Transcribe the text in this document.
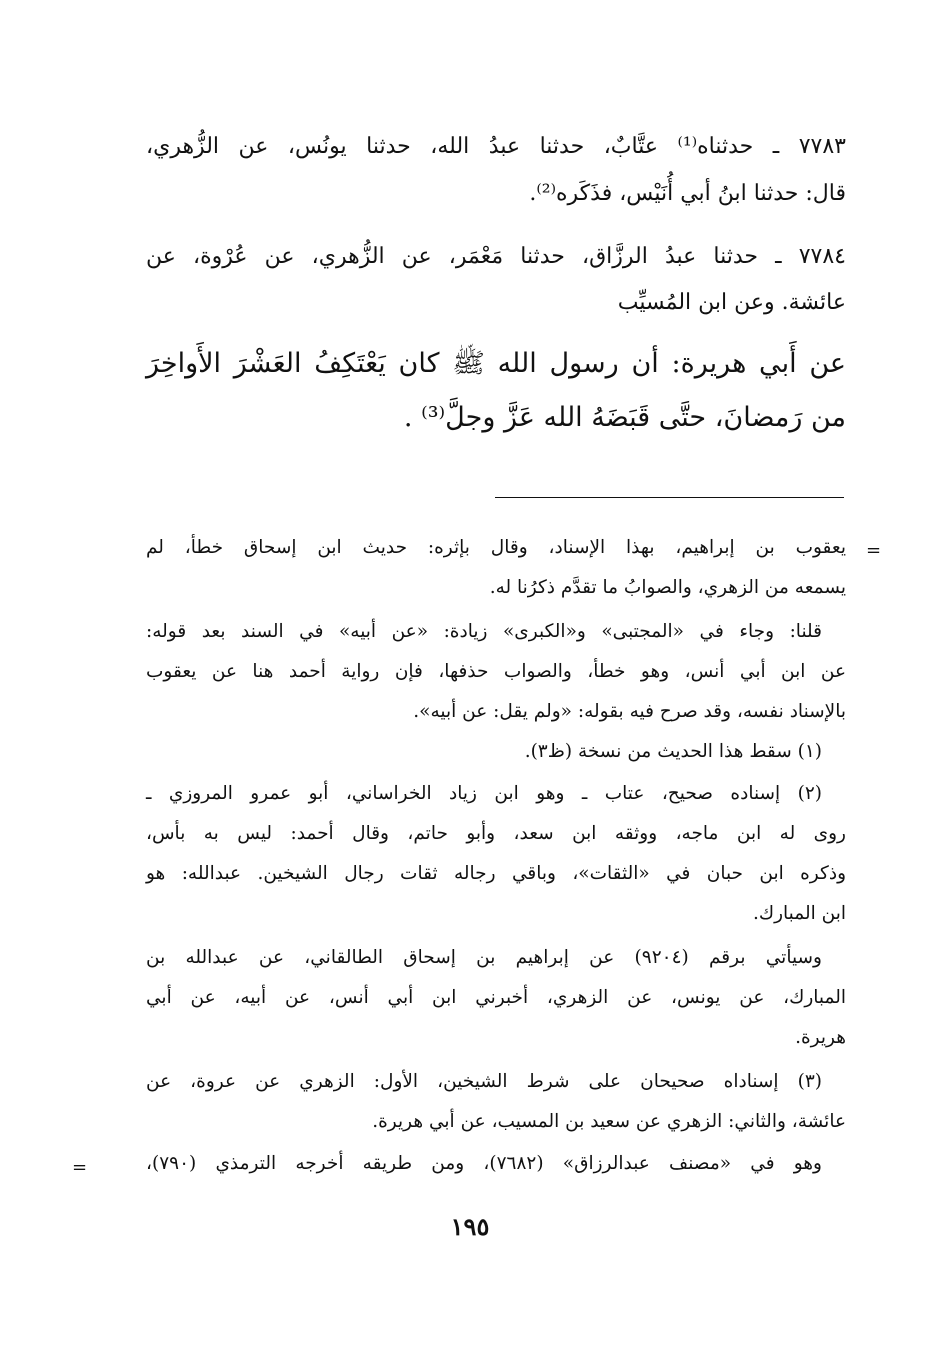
٧٧٨٣ ـ حدثناه⁽¹⁾ عتَّابٌ، حدثنا عبدُ الله، حدثنا يونُس، عن الزُّهري،
قال: حدثنا ابنُ أبي أُنَيْس، فذَكَره⁽²⁾.
٧٧٨٤ ـ حدثنا عبدُ الرزَّاق، حدثنا مَعْمَر، عن الزُّهري، عن عُرْوة، عن
عائشة. وعن ابن المُسيِّب
عن أَبي هريرة: أن رسول الله ﷺ كان يَعْتَكِفُ العَشْرَ الأَواخِرَ
من رَمضانَ، حتَّى قَبَضَهُ الله عَزَّ وجلَّ⁽³⁾ .
=
يعقوب بن إبراهيم، بهذا الإسناد، وقال بإثره: حديث ابن إسحاق خطأ، لم
يسمعه من الزهري، والصوابُ ما تقدَّم ذكرُنا له.
قلنا: وجاء في «المجتبى» و«الكبرى» زيادة: «عن أبيه» في السند بعد قوله:
عن ابن أبي أنس، وهو خطأ، والصواب حذفها، فإن رواية أحمد هنا عن يعقوب
بالإسناد نفسه، وقد صرح فيه بقوله: «ولم يقل: عن أبيه».
(١) سقط هذا الحديث من نسخة (ظ٣).
(٢) إسناده صحيح، عتاب ـ وهو ابن زياد الخراساني، أبو عمرو المروزي ـ
روى له ابن ماجه، ووثقه ابن سعد، وأبو حاتم، وقال أحمد: ليس به بأس،
وذكره ابن حبان في «الثقات»، وباقي رجاله ثقات رجال الشيخين. عبدالله: هو
ابن المبارك.
وسيأتي برقم (٩٢٠٤) عن إبراهيم بن إسحاق الطالقاني، عن عبدالله بن
المبارك، عن يونس، عن الزهري، أخبرني ابن أبي أنس، عن أبيه، عن أبي
هريرة.
(٣) إسناداه صحيحان على شرط الشيخين، الأول: الزهري عن عروة، عن
عائشة، والثاني: الزهري عن سعيد بن المسيب، عن أبي هريرة.
وهو في «مصنف عبدالرزاق» (٧٦٨٢)، ومن طريقه أخرجه الترمذي (٧٩٠)،
=
١٩٥
